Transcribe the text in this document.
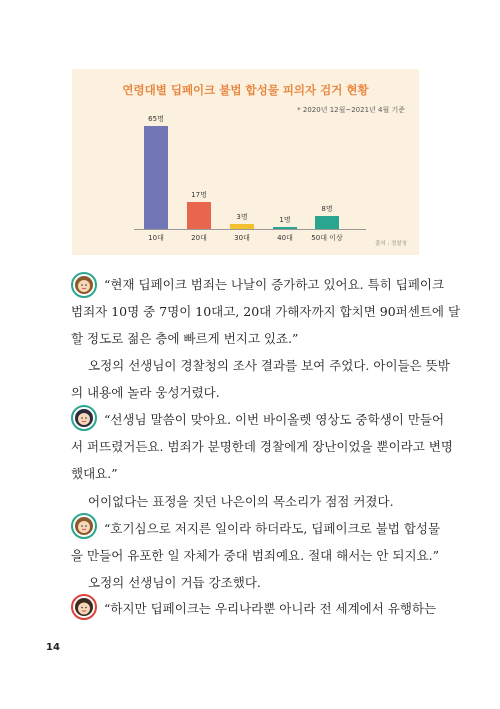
연령대별 딥페이크 불법 합성물 피의자 검거 현황
* 2020년 12월~2021년 4월 기준
65명
10대
17명
20대
3명
30대
1명
40대
8명
50대 이상
출처 : 경찰청
“현재 딥페이크 범죄는 나날이 증가하고 있어요. 특히 딥페이크
범죄자 10명 중 7명이 10대고, 20대 가해자까지 합치면 90퍼센트에 달
할 정도로 젊은 층에 빠르게 번지고 있죠.”
오정의 선생님이 경찰청의 조사 결과를 보여 주었다. 아이들은 뜻밖
의 내용에 놀라 웅성거렸다.
“선생님 말씀이 맞아요. 이번 바이올렛 영상도 중학생이 만들어
서 퍼뜨렸거든요. 범죄가 분명한데 경찰에게 장난이었을 뿐이라고 변명
했대요.”
어이없다는 표정을 짓던 나은이의 목소리가 점점 커졌다.
“호기심으로 저지른 일이라 하더라도, 딥페이크로 불법 합성물
을 만들어 유포한 일 자체가 중대 범죄예요. 절대 해서는 안 되지요.”
오정의 선생님이 거듭 강조했다.
“하지만 딥페이크는 우리나라뿐 아니라 전 세계에서 유행하는
14
